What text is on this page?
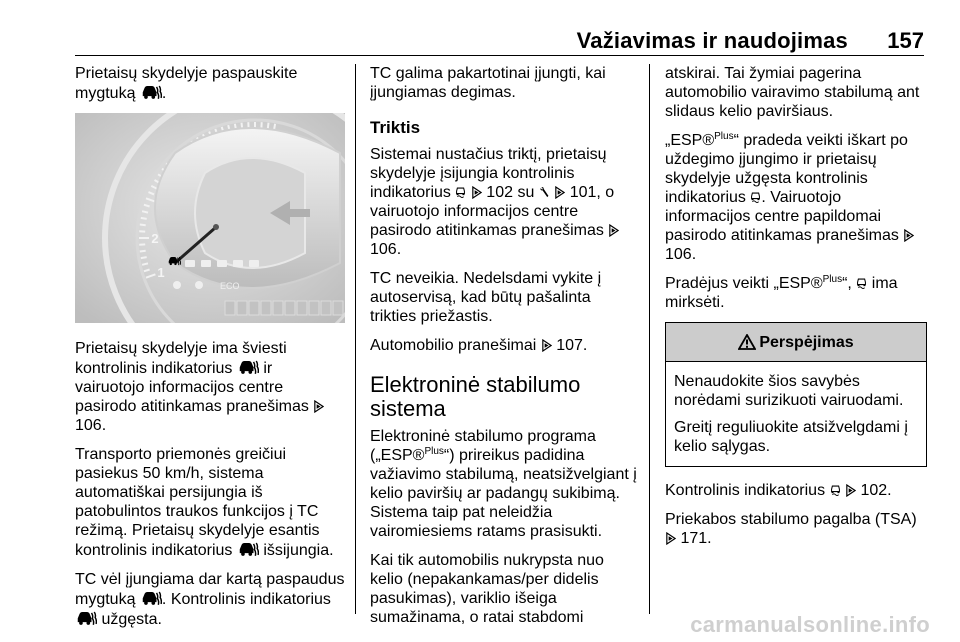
Važiavimas ir naudojimas 157

Prietaisų skydelyje paspauskite mygtuką .

1
2
ECO

Prietaisų skydelyje ima šviesti kontrolinis indikatorius ir vairuotojo informacijos centre pasirodo atitinkamas pranešimas  106.

Transporto priemonės greičiui pasiekus 50 km/h, sistema automatiškai persijungia iš patobulintos traukos funkcijos į TC režimą. Prietaisų skydelyje esantis kontrolinis indikatorius išsijungia.

TC vėl įjungiama dar kartą paspaudus mygtuką . Kontrolinis indikatorius  užgęsta.

TC galima pakartotinai įjungti, kai įjungiamas degimas.

Triktis

Sistemai nustačius triktį, prietaisų skydelyje įsijungia kontrolinis indikatorius 102 su 101, o vairuotojo informacijos centre pasirodo atitinkamas pranešimas  106.

TC neveikia. Nedelsdami vykite į autoservisą, kad būtų pašalinta trikties priežastis.

Automobilio pranešimai 107.

Elektroninė stabilumo sistema

Elektroninė stabilumo programa („ESP®$^{Plus}$“) prireikus padidina važiavimo stabilumą, neatsižvelgiant į kelio paviršių ar padangų sukibimą. Sistema taip pat neleidžia vairomiesiems ratams prasisukti.

Kai tik automobilis nukrypsta nuo kelio (nepakankamas/per didelis pasukimas), variklio išeiga sumažinama, o ratai stabdomi

atskirai. Tai žymiai pagerina automobilio vairavimo stabilumą ant slidaus kelio paviršiaus.

„ESP®$^{Plus}$“ pradeda veikti iškart po uždegimo įjungimo ir prietaisų skydelyje užgęsta kontrolinis indikatorius . Vairuotojo informacijos centre papildomai pasirodo atitinkamas pranešimas  106.

Pradėjus veikti „ESP®$^{Plus}$“, ima mirksėti.

Perspėjimas

Nenaudokite šios savybės norėdami surizikuoti vairuodami.

Greitį reguliuokite atsižvelgdami į kelio sąlygas.

Kontrolinis indikatorius 102.

Priekabos stabilumo pagalba (TSA)
171.

carmanualsonline.info
